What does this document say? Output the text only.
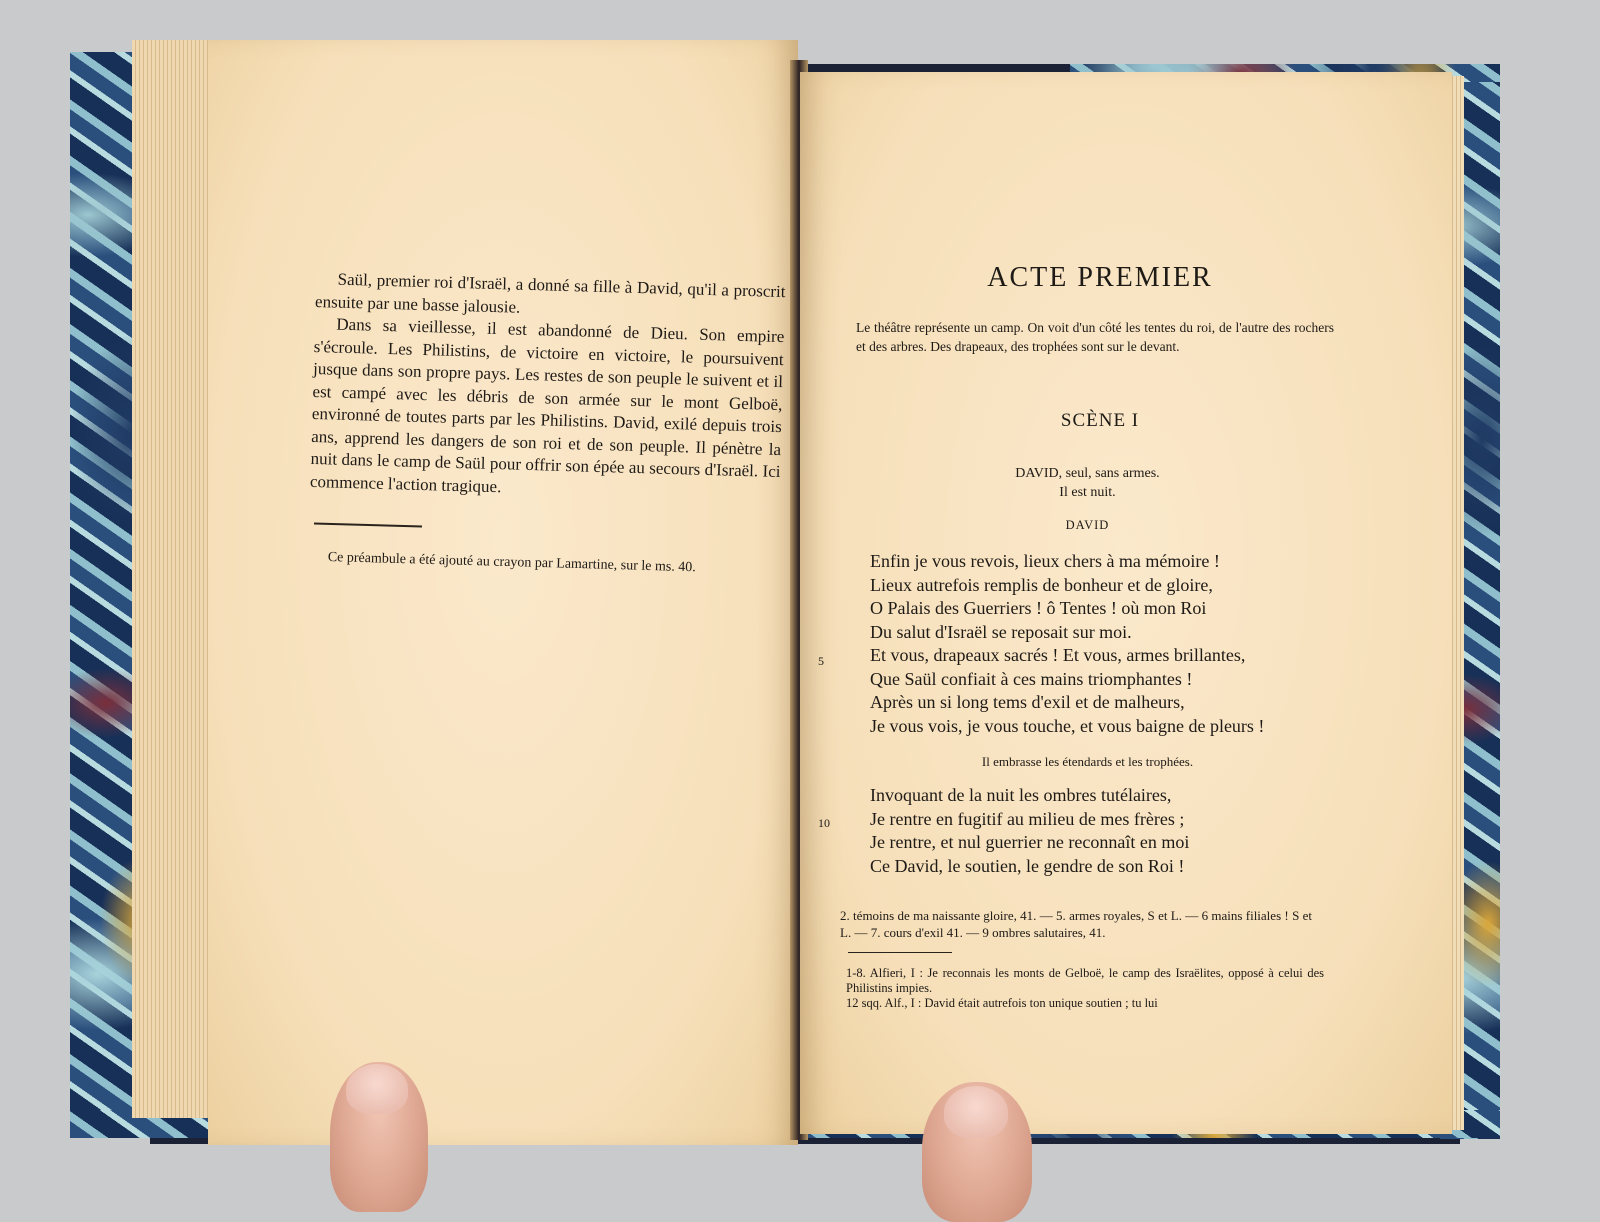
Saül, premier roi d'Israël, a donné sa fille à David, qu'il a proscrit ensuite par une basse jalousie.

Dans sa vieillesse, il est abandonné de Dieu. Son empire s'écroule. Les Philistins, de victoire en victoire, le poursuivent jusque dans son propre pays. Les restes de son peuple le suivent et il est campé avec les débris de son armée sur le mont Gelboë, environné de toutes parts par les Philistins. David, exilé depuis trois ans, apprend les dangers de son roi et de son peuple. Il pénètre la nuit dans le camp de Saül pour offrir son épée au secours d'Israël. Ici commence l'action tragique.

Ce préambule a été ajouté au crayon par Lamartine, sur le ms. 40.
ACTE PREMIER
Le théâtre représente un camp. On voit d'un côté les tentes du roi, de l'autre des rochers et des arbres. Des drapeaux, des trophées sont sur le devant.
SCÈNE I
DAVID, seul, sans armes.
Il est nuit.
DAVID
Enfin je vous revois, lieux chers à ma mémoire !
Lieux autrefois remplis de bonheur et de gloire,
O Palais des Guerriers ! ô Tentes ! où mon Roi
Du salut d'Israël se reposait sur moi.
Et vous, drapeaux sacrés ! Et vous, armes brillantes,
Que Saül confiait à ces mains triomphantes !
Après un si long tems d'exil et de malheurs,
Je vous vois, je vous touche, et vous baigne de pleurs !
5
Il embrasse les étendards et les trophées.
Invoquant de la nuit les ombres tutélaires,
Je rentre en fugitif au milieu de mes frères ;
Je rentre, et nul guerrier ne reconnaît en moi
Ce David, le soutien, le gendre de son Roi !
10
2. témoins de ma naissante gloire, 41. — 5. armes royales, S et L. — 6 mains filiales ! S et L. — 7. cours d'exil 41. — 9 ombres salutaires, 41.
1-8. Alfieri, I : Je reconnais les monts de Gelboë, le camp des Israëlites, opposé à celui des Philistins impies.
12 sqq. Alf., I : David était autrefois ton unique soutien ; tu lui
